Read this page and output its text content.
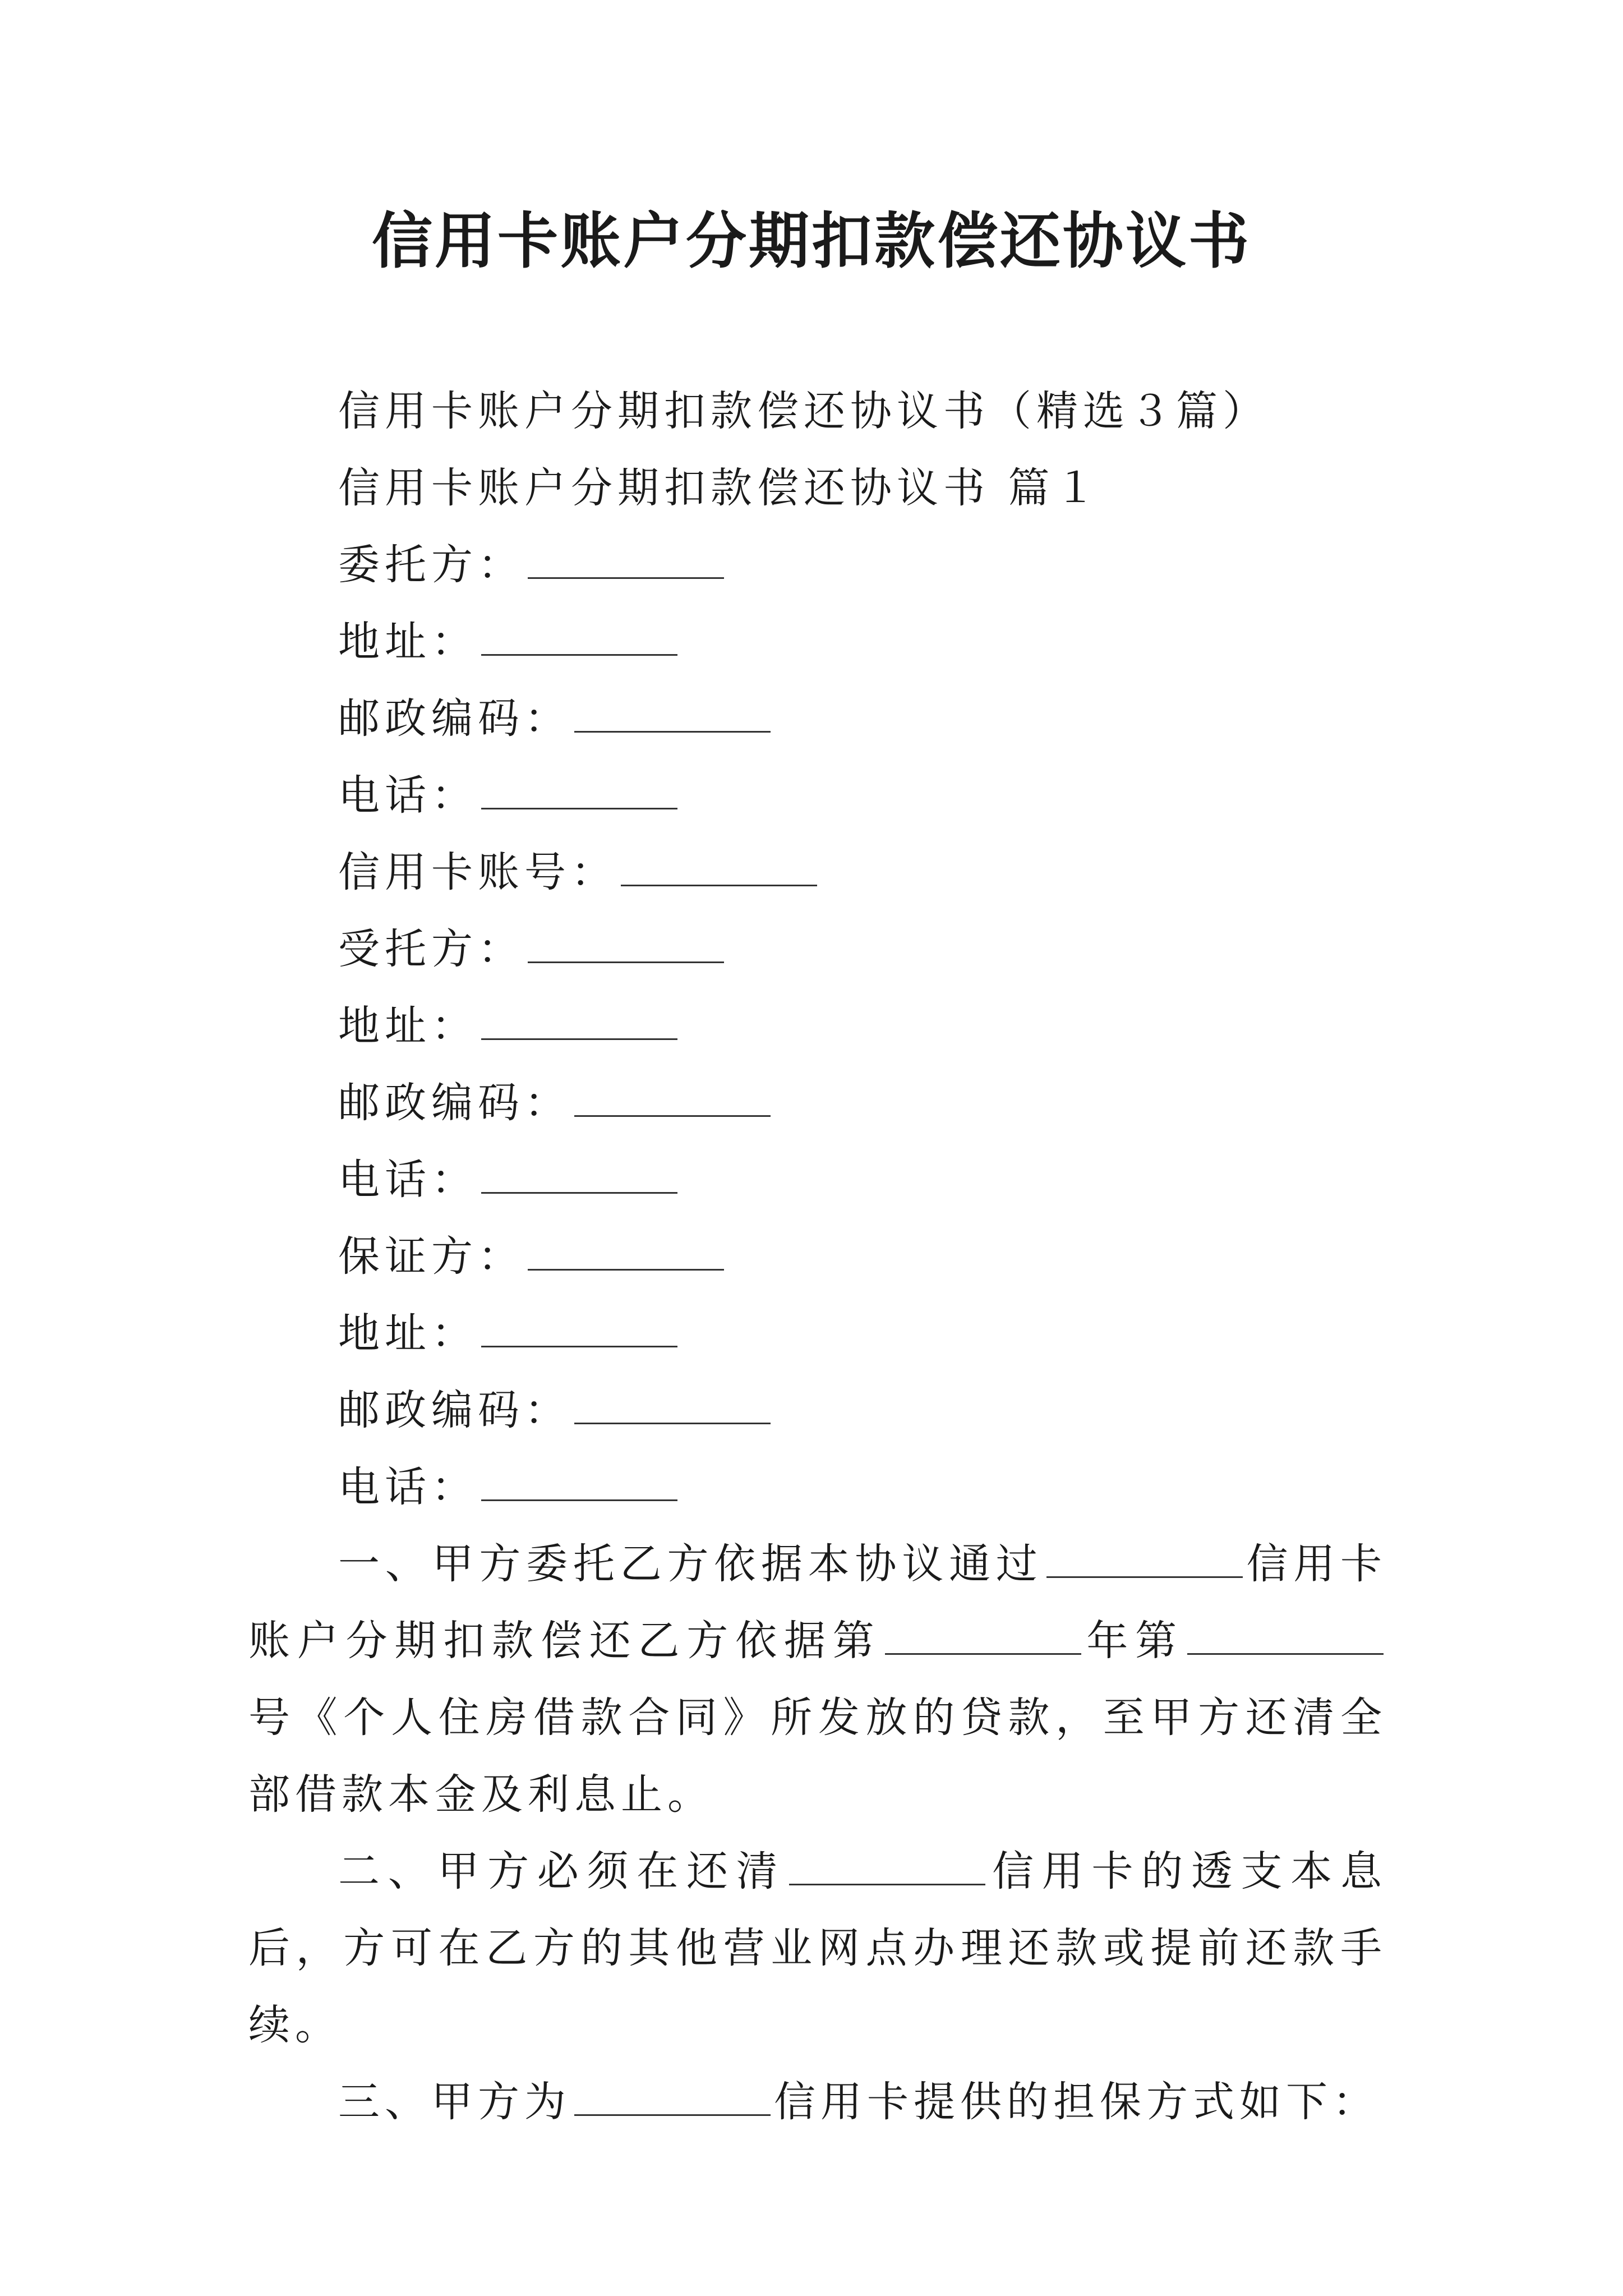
信用卡账户分期扣款偿还协议书
信用卡账户分期扣款偿还协议书（精选３篇）
信用卡账户分期扣款偿还协议书 篇１
委托方：
地址：
邮政编码：
电话：
信用卡账号：
受托方：
地址：
邮政编码：
电话：
保证方：
地址：
邮政编码：
电话：

一、甲方委托乙方依据本协议通过	信用卡账户分期扣款偿还乙方依据第	年第号《个人住房借款合同》所发放的贷款，至甲方还清全部借款本金及利息止。

二、甲方必须在还清	信用卡的透支本息后，方可在乙方的其他营业网点办理还款或提前还款手续。

三、甲方为	信用卡提供的担保方式如下：
